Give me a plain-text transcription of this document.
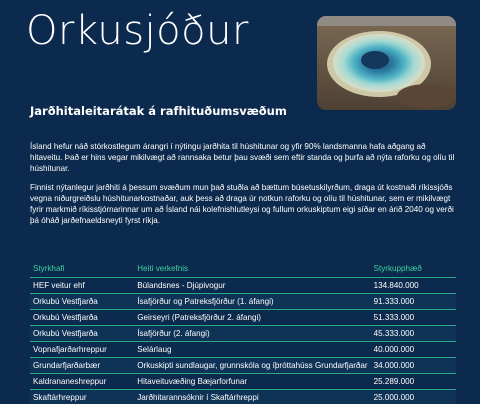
Orkusjóður
Jarðhitaleitarátak á rafhituðumsvæðum

Ísland hefur náð stórkostlegum árangri í nýtingu jarðhita til húshitunar og yfir 90% landsmanna hafa aðgang að hitaveitu. Það er hins vegar mikilvægt að rannsaka betur þau svæði sem eftir standa og þurfa að nýta raforku og olíu til húshitunar.

Finnist nýtanlegur jarðhiti á þessum svæðum mun það stuðla að bættum búsetuskilyrðum, draga út kostnaði ríkissjóðs vegna niðurgreiðslu húshitunarkostnaðar, auk þess að draga úr notkun raforku og olíu til húshitunar, sem er mikilvægt fyrir markmið ríkisstjórnarinnar um að Ísland nái kolefnishlutleysi og fullum orkuskiptum eigi síðar en árið 2040 og verði þá óháð jarðefnaeldsneyti fyrst ríkja.

Styrkhafi	Heiti verkefnis	Styrkupphæð
HEF veitur ehf	Búlandsnes - Djúpivogur	134.840.000
Orkubú Vestfjarða	Ísafjörður og Patreksfjörður (1. áfangi)	91.333.000
Orkubú Vestfjarða	Geirseyri (Patreksfjörður 2. áfangi)	51.333.000
Orkubú Vestfjarða	Ísafjörður (2. áfangi)	45.333.000
Vopnafjarðarhreppur	Selárlaug	40.000.000
Grundarfjarðarbær	Orkuskipti sundlaugar, grunnskóla og íþróttahúss Grundarfjarðar	34.000.000
Kaldrananeshreppur	Hitaveituvæðing Bæjarforfunar	25.289.000
Skaftárhreppur	Jarðhitarannsóknir í Skaftárhreppi	25.000.000
